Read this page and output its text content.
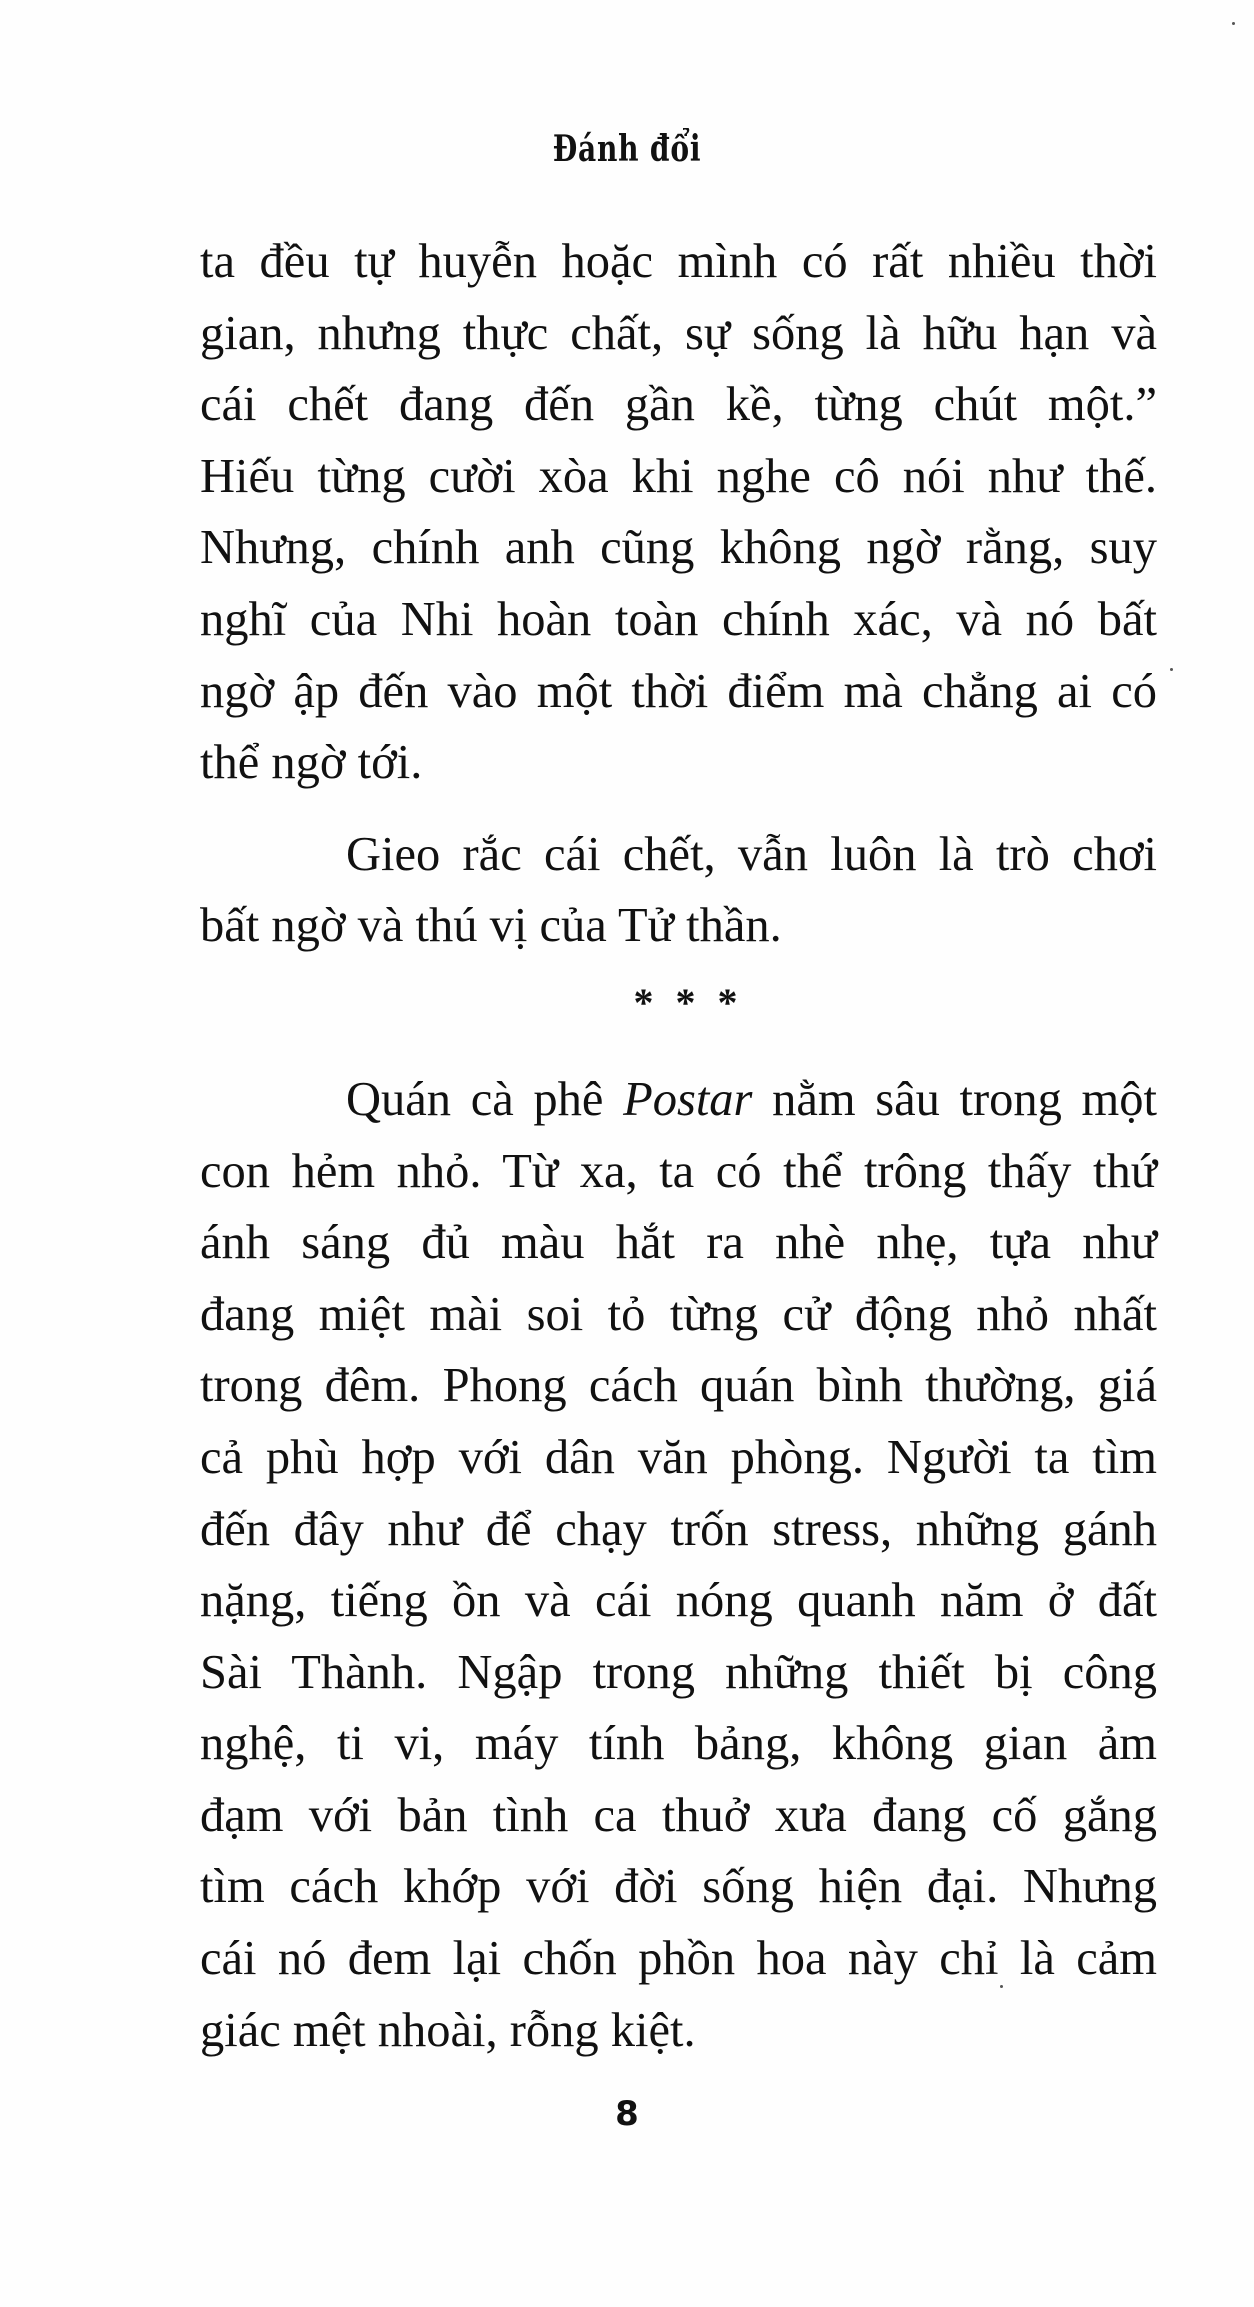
Đánh đổi
ta đều tự huyễn hoặc mình có rất nhiều thời
gian, nhưng thực chất, sự sống là hữu hạn và
cái chết đang đến gần kề, từng chút một.”
Hiếu từng cười xòa khi nghe cô nói như thế.
Nhưng, chính anh cũng không ngờ rằng, suy
nghĩ của Nhi hoàn toàn chính xác, và nó bất
ngờ ập đến vào một thời điểm mà chẳng ai có
thể ngờ tới.
Gieo rắc cái chết, vẫn luôn là trò chơi
bất ngờ và thú vị của Tử thần.
* * *
Quán cà phê Postar nằm sâu trong một
con hẻm nhỏ. Từ xa, ta có thể trông thấy thứ
ánh sáng đủ màu hắt ra nhè nhẹ, tựa như
đang miệt mài soi tỏ từng cử động nhỏ nhất
trong đêm. Phong cách quán bình thường, giá
cả phù hợp với dân văn phòng. Người ta tìm
đến đây như để chạy trốn stress, những gánh
nặng, tiếng ồn và cái nóng quanh năm ở đất
Sài Thành. Ngập trong những thiết bị công
nghệ, ti vi, máy tính bảng, không gian ảm
đạm với bản tình ca thuở xưa đang cố gắng
tìm cách khớp với đời sống hiện đại. Nhưng
cái nó đem lại chốn phồn hoa này chỉ là cảm
giác mệt nhoài, rỗng kiệt.
8
